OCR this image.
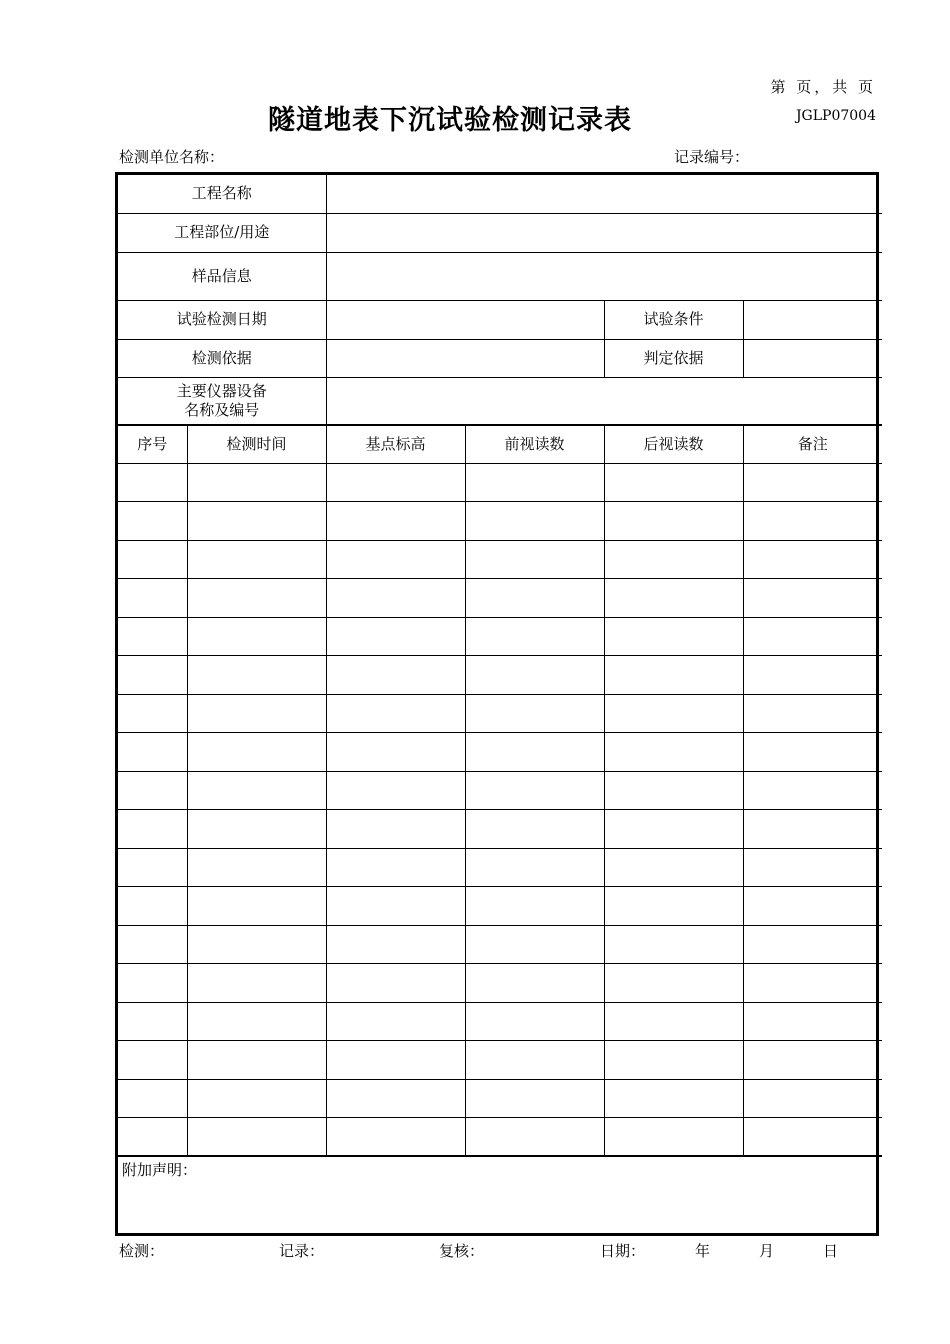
第 页，共 页
隧道地表下沉试验检测记录表	JGLP07004
检测单位名称：	记录编号：
工程名称					
工程部位/用途					
样品信息					
试验检测日期				试验条件	
检测依据				判定依据	

主要仪器设备
名称及编号					

序号	检测时间	基点标高	前视读数	后视读数	备注

附加声明：
检测：	记录：	复核：	日期：	年	月	日
